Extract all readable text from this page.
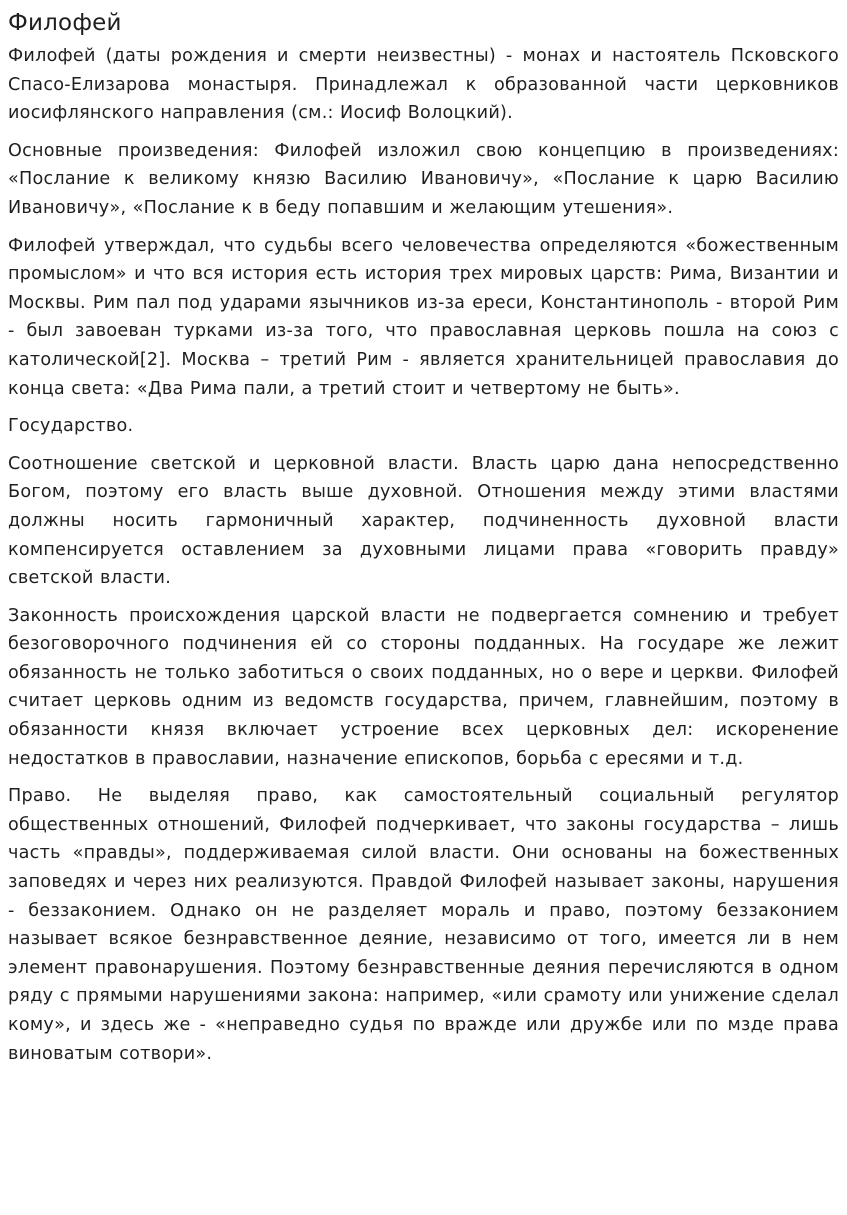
Филофей

Филофей (даты рождения и смерти неизвестны) - монах и настоятель Псковского Спасо-Елизарова монастыря. Принадлежал к образованной части церковников иосифлянского направления (см.: Иосиф Волоцкий).

Основные произведения: Филофей изложил свою концепцию в произведениях: «Послание к великому князю Василию Ивановичу», «Послание к царю Василию Ивановичу», «Послание к в беду попавшим и желающим утешения».

Филофей утверждал, что судьбы всего человечества определяются «божественным промыслом» и что вся история есть история трех мировых царств: Рима, Византии и Москвы. Рим пал под ударами язычников из-за ереси, Константинополь - второй Рим - был завоеван турками из-за того, что православная церковь пошла на союз с католической[2]. Москва – третий Рим - является хранительницей православия до конца света: «Два Рима пали, а третий стоит и четвертому не быть».

Государство.

Соотношение светской и церковной власти. Власть царю дана непосредственно Богом, поэтому его власть выше духовной. Отношения между этими властями должны носить гармоничный характер, подчиненность духовной власти компенсируется оставлением за духовными лицами права «говорить правду» светской власти.

Законность происхождения царской власти не подвергается сомнению и требует безоговорочного подчинения ей со стороны подданных. На государе же лежит обязанность не только заботиться о своих подданных, но о вере и церкви. Филофей считает церковь одним из ведомств государства, причем, главнейшим, поэтому в обязанности князя включает устроение всех церковных дел: искоренение недостатков в православии, назначение епископов, борьба с ересями и т.д.

Право. Не выделяя право, как самостоятельный социальный регулятор общественных отношений, Филофей подчеркивает, что законы государства – лишь часть «правды», поддерживаемая силой власти. Они основаны на божественных заповедях и через них реализуются. Правдой Филофей называет законы, нарушения - беззаконием. Однако он не разделяет мораль и право, поэтому беззаконием называет всякое безнравственное деяние, независимо от того, имеется ли в нем элемент правонарушения. Поэтому безнравственные деяния перечисляются в одном ряду с прямыми нарушениями закона: например, «или срамоту или унижение сделал кому», и здесь же - «неправедно судья по вражде или дружбе или по мзде права виноватым сотвори».
